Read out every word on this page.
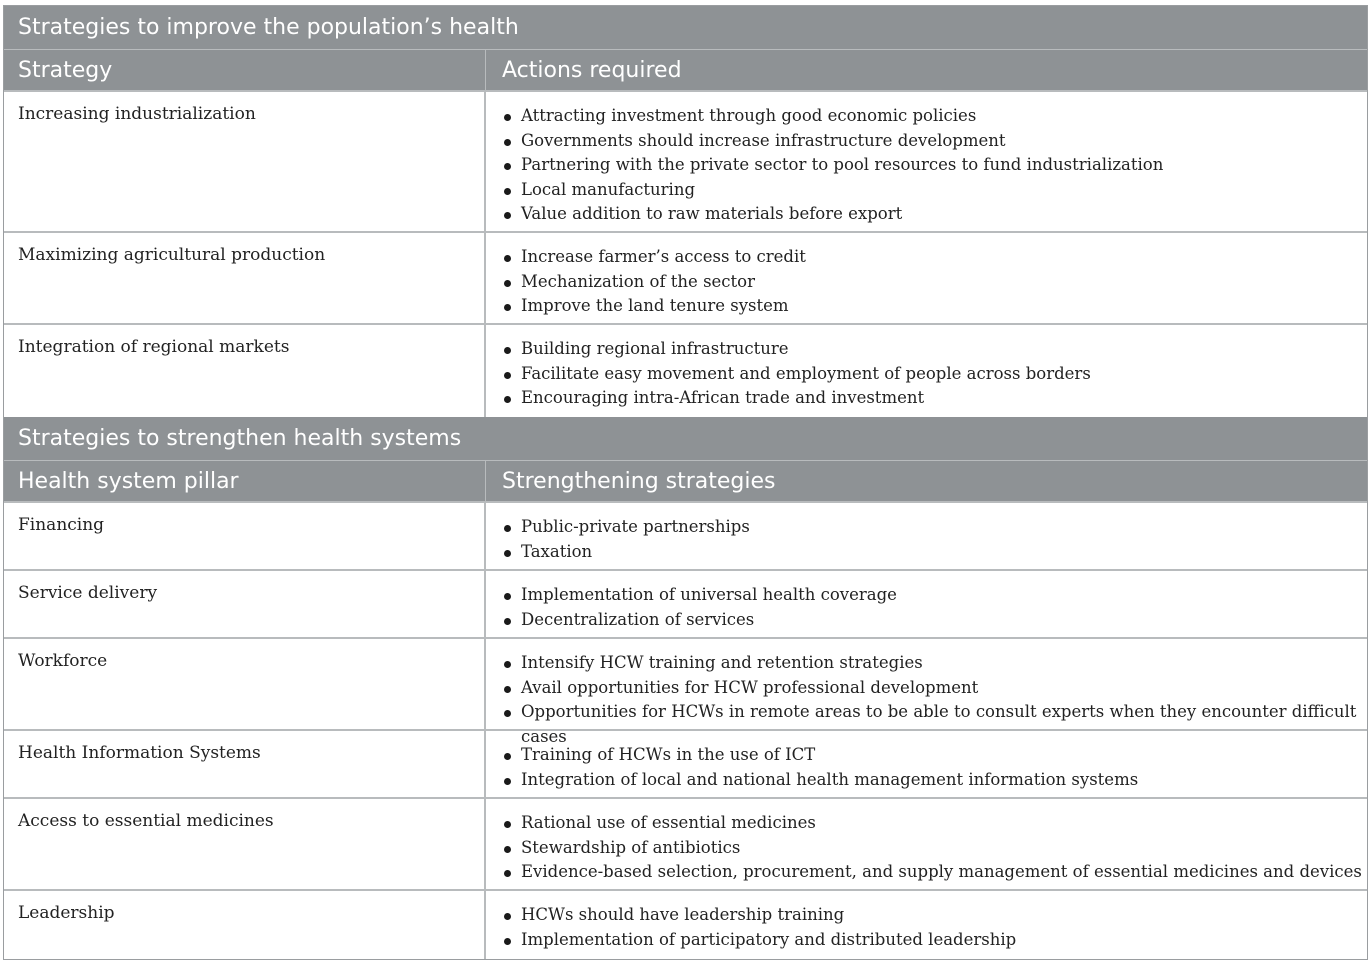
Strategies to improve the population’s health
Strategy	Actions required
Increasing industrialization	Attracting investment through good economic policies
Governments should increase infrastructure development
Partnering with the private sector to pool resources to fund industrialization
Local manufacturing
Value addition to raw materials before export
Maximizing agricultural production	Increase farmer’s access to credit
Mechanization of the sector
Improve the land tenure system
Integration of regional markets	Building regional infrastructure
Facilitate easy movement and employment of people across borders
Encouraging intra-African trade and investment
Strategies to strengthen health systems
Health system pillar	Strengthening strategies
Financing	Public-private partnerships
Taxation
Service delivery	Implementation of universal health coverage
Decentralization of services
Workforce	Intensify HCW training and retention strategies
Avail opportunities for HCW professional development
Opportunities for HCWs in remote areas to be able to consult experts when they encounter difficult cases
Health Information Systems	Training of HCWs in the use of ICT
Integration of local and national health management information systems
Access to essential medicines	Rational use of essential medicines
Stewardship of antibiotics
Evidence-based selection, procurement, and supply management of essential medicines and devices
Leadership	HCWs should have leadership training
Implementation of participatory and distributed leadership
